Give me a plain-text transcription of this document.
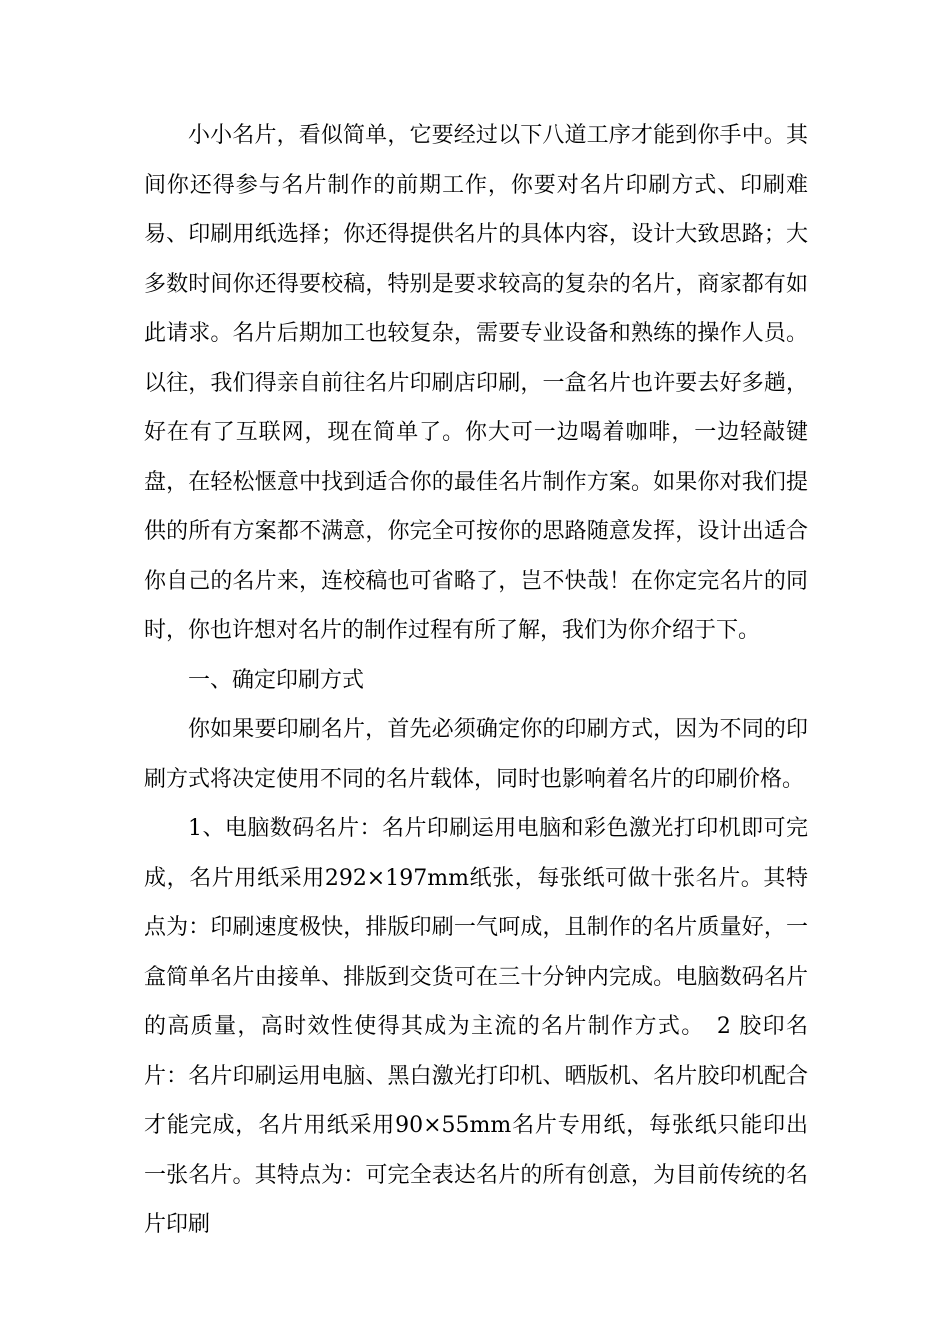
小小名片，看似简单，它要经过以下八道工序才能到你手中。其间你还得参与名片制作的前期工作，你要对名片印刷方式、印刷难易、印刷用纸选择；你还得提供名片的具体内容，设计大致思路；大多数时间你还得要校稿，特别是要求较高的复杂的名片，商家都有如此请求。名片后期加工也较复杂，需要专业设备和熟练的操作人员。以往，我们得亲自前往名片印刷店印刷，一盒名片也许要去好多趟，好在有了互联网，现在简单了。你大可一边喝着咖啡，一边轻敲键盘，在轻松惬意中找到适合你的最佳名片制作方案。如果你对我们提供的所有方案都不满意，你完全可按你的思路随意发挥，设计出适合你自己的名片来，连校稿也可省略了，岂不快哉！在你定完名片的同时，你也许想对名片的制作过程有所了解，我们为你介绍于下。

一、确定印刷方式

你如果要印刷名片，首先必须确定你的印刷方式，因为不同的印刷方式将决定使用不同的名片载体，同时也影响着名片的印刷价格。

1、电脑数码名片：名片印刷运用电脑和彩色激光打印机即可完成，名片用纸采用292×197mm纸张，每张纸可做十张名片。其特点为：印刷速度极快，排版印刷一气呵成，且制作的名片质量好，一盒简单名片由接单、排版到交货可在三十分钟内完成。电脑数码名片的高质量，高时效性使得其成为主流的名片制作方式。　2 胶印名片：名片印刷运用电脑、黑白激光打印机、晒版机、名片胶印机配合才能完成，名片用纸采用90×55mm名片专用纸，每张纸只能印出一张名片。其特点为：可完全表达名片的所有创意，为目前传统的名片印刷
